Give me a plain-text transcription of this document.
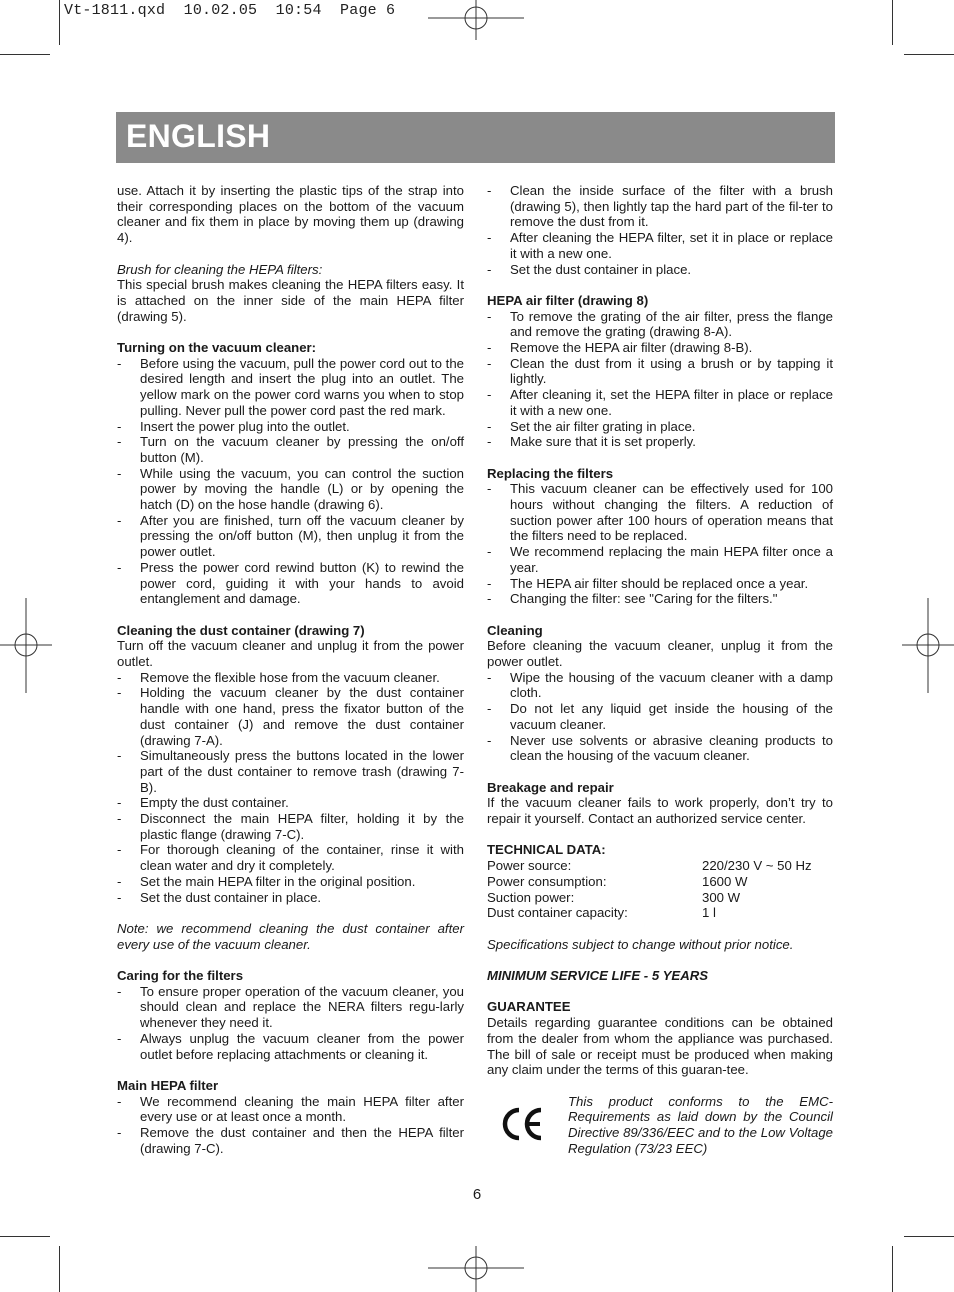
Vt-1811.qxd  10.02.05  10:54  Page 6
ENGLISH

use. Attach it by inserting the plastic tips of the strap into their corresponding places on the bottom of the vacuum cleaner and fix them in place by moving them up (drawing 4).

Brush for cleaning the HEPA filters:

This special brush makes cleaning the HEPA filters easy. It is attached on the inner side of the main HEPA filter (drawing 5).

Turning on the vacuum cleaner:

- Before using the vacuum, pull the power cord out to the desired length and insert the plug into an outlet. The yellow mark on the power cord warns you when to stop pulling. Never pull the power cord past the red mark.
- Insert the power plug into the outlet.
- Turn on the vacuum cleaner by pressing the on/off button (M).
- While using the vacuum, you can control the suction power by moving the handle (L) or by opening the hatch (D) on the hose handle (drawing 6).
- After you are finished, turn off the vacuum cleaner by pressing the on/off button (M), then unplug it from the power outlet.
- Press the power cord rewind button (K) to rewind the power cord, guiding it with your hands to avoid entanglement and damage.

Cleaning the dust container (drawing 7)

Turn off the vacuum cleaner and unplug it from the power outlet.

- Remove the flexible hose from the vacuum cleaner.
- Holding the vacuum cleaner by the dust container handle with one hand, press the fixator button of the dust container (J) and remove the dust container (drawing 7-A).
- Simultaneously press the buttons located in the lower part of the dust container to remove trash (drawing 7-B).
- Empty the dust container.
- Disconnect the main HEPA filter, holding it by the plastic flange (drawing 7-C).
- For thorough cleaning of the container, rinse it with clean water and dry it completely.
- Set the main HEPA filter in the original position.
- Set the dust container in place.

Note: we recommend cleaning the dust container after every use of the vacuum cleaner.

Caring for the filters

- To ensure proper operation of the vacuum cleaner, you should clean and replace the NERA filters regu-larly whenever they need it.
- Always unplug the vacuum cleaner from the power outlet before replacing attachments or cleaning it.

Main HEPA filter

- We recommend cleaning the main HEPA filter after every use or at least once a month.
- Remove the dust container and then the HEPA filter (drawing 7-C).
- Clean the inside surface of the filter with a brush (drawing 5), then lightly tap the hard part of the fil-ter to remove the dust from it.
- After cleaning the HEPA filter, set it in place or replace it with a new one.
- Set the dust container in place.

HEPA air filter (drawing 8)

- To remove the grating of the air filter, press the flange and remove the grating (drawing 8-A).
- Remove the HEPA air filter (drawing 8-B).
- Clean the dust from it using a brush or by tapping it lightly.
- After cleaning it, set the HEPA filter in place or replace it with a new one.
- Set the air filter grating in place.
- Make sure that it is set properly.

Replacing the filters

- This vacuum cleaner can be effectively used for 100 hours without changing the filters. A reduction of suction power after 100 hours of operation means that the filters need to be replaced.
- We recommend replacing the main HEPA filter once a year.
- The HEPA air filter should be replaced once a year.
- Changing the filter: see "Caring for the filters."

Cleaning

Before cleaning the vacuum cleaner, unplug it from the power outlet.

- Wipe the housing of the vacuum cleaner with a damp cloth.
- Do not let any liquid get inside the housing of the vacuum cleaner.
- Never use solvents or abrasive cleaning products to clean the housing of the vacuum cleaner.

Breakage and repair

If the vacuum cleaner fails to work properly, don’t try to repair it yourself. Contact an authorized service center.

TECHNICAL DATA:

Power source:	220/230 V ~ 50 Hz
Power consumption:	1600 W
Suction power:	300 W
Dust container capacity:	1 l

Specifications subject to change without prior notice.

MINIMUM SERVICE LIFE - 5 YEARS

GUARANTEE

Details regarding guarantee conditions can be obtained from the dealer from whom the appliance was purchased. The bill of sale or receipt must be produced when making any claim under the terms of this guaran-tee.

This product conforms to the EMC-Requirements as laid down by the Council Directive 89/336/EEC and to the Low Voltage Regulation (73/23 EEC)

6
